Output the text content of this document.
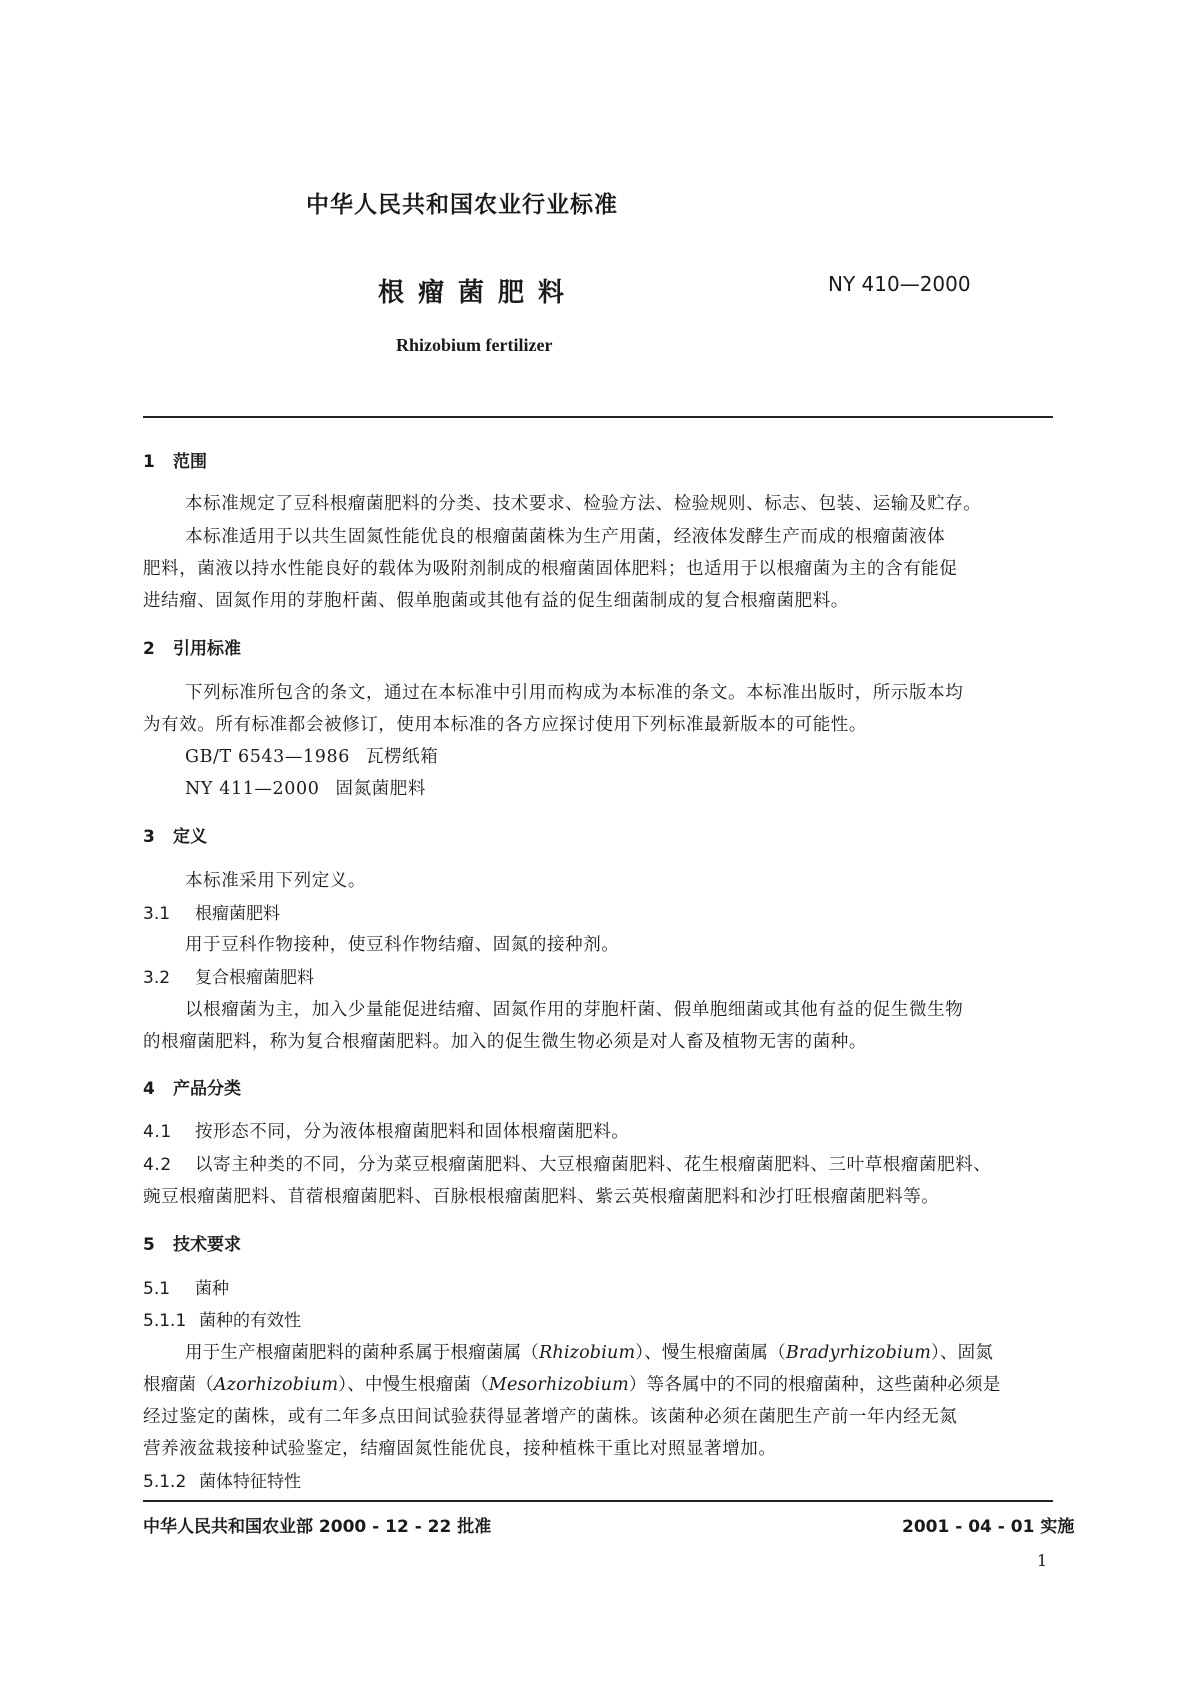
中华人民共和国农业行业标准
根瘤菌肥料	NY 410—2000
Rhizobium fertilizer
1 范围
本标准规定了豆科根瘤菌肥料的分类、技术要求、检验方法、检验规则、标志、包装、运输及贮存。
本标准适用于以共生固氮性能优良的根瘤菌菌株为生产用菌，经液体发酵生产而成的根瘤菌液体
肥料，菌液以持水性能良好的载体为吸附剂制成的根瘤菌固体肥料；也适用于以根瘤菌为主的含有能促
进结瘤、固氮作用的芽胞杆菌、假单胞菌或其他有益的促生细菌制成的复合根瘤菌肥料。
2 引用标准
下列标准所包含的条文，通过在本标准中引用而构成为本标准的条文。本标准出版时，所示版本均
为有效。所有标准都会被修订，使用本标准的各方应探讨使用下列标准最新版本的可能性。
GB/T 6543—1986 瓦楞纸箱
NY 411—2000 固氮菌肥料
3 定义
本标准采用下列定义。
3.1 根瘤菌肥料
用于豆科作物接种，使豆科作物结瘤、固氮的接种剂。
3.2 复合根瘤菌肥料
以根瘤菌为主，加入少量能促进结瘤、固氮作用的芽胞杆菌、假单胞细菌或其他有益的促生微生物
的根瘤菌肥料，称为复合根瘤菌肥料。加入的促生微生物必须是对人畜及植物无害的菌种。
4 产品分类
4.1 按形态不同，分为液体根瘤菌肥料和固体根瘤菌肥料。
4.2 以寄主种类的不同，分为菜豆根瘤菌肥料、大豆根瘤菌肥料、花生根瘤菌肥料、三叶草根瘤菌肥料、
豌豆根瘤菌肥料、苜蓿根瘤菌肥料、百脉根根瘤菌肥料、紫云英根瘤菌肥料和沙打旺根瘤菌肥料等。
5 技术要求
5.1 菌种
5.1.1 菌种的有效性
用于生产根瘤菌肥料的菌种系属于根瘤菌属（Rhizobium）、慢生根瘤菌属（Bradyrhizobium）、固氮
根瘤菌（Azorhizobium）、中慢生根瘤菌（Mesorhizobium）等各属中的不同的根瘤菌种，这些菌种必须是
经过鉴定的菌株，或有二年多点田间试验获得显著增产的菌株。该菌种必须在菌肥生产前一年内经无氮
营养液盆栽接种试验鉴定，结瘤固氮性能优良，接种植株干重比对照显著增加。
5.1.2 菌体特征特性
中华人民共和国农业部 2000 - 12 - 22 批准	2001 - 04 - 01 实施
1
